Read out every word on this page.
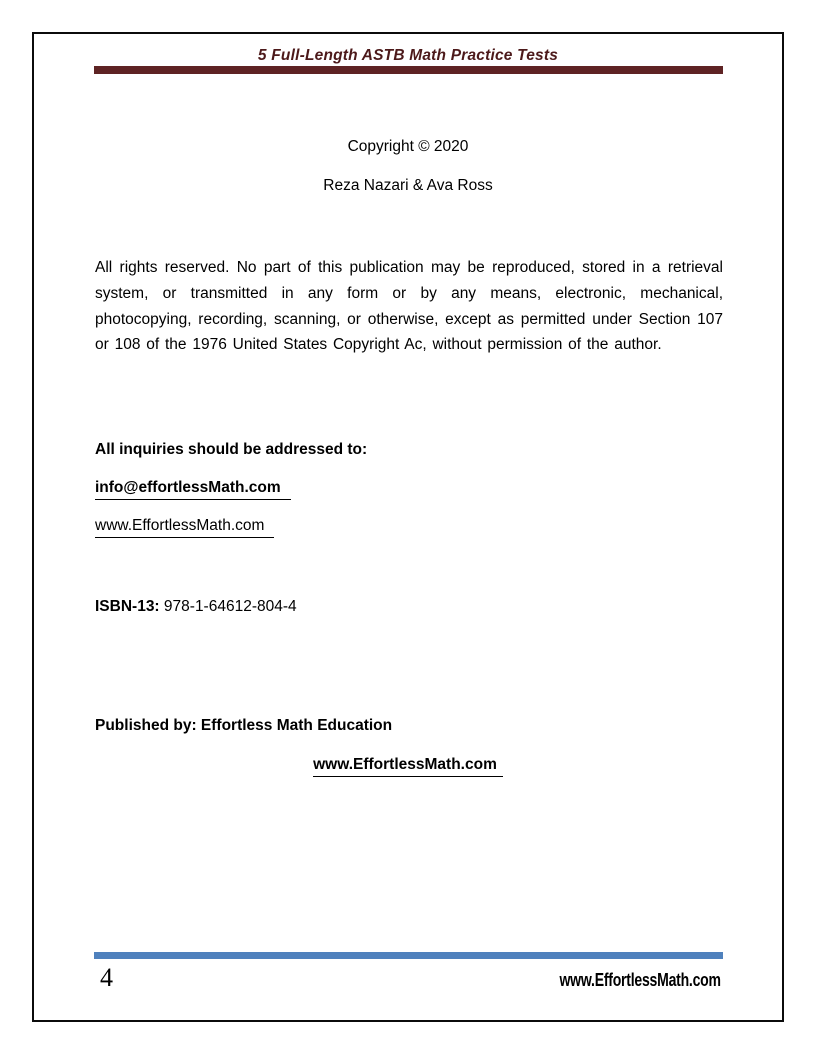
5 Full-Length ASTB Math Practice Tests
Copyright © 2020
Reza Nazari & Ava Ross
All rights reserved. No part of this publication may be reproduced, stored in a retrieval system, or transmitted in any form or by any means, electronic, mechanical, photocopying, recording, scanning, or otherwise, except as permitted under Section 107 or 108 of the 1976 United States Copyright Ac, without permission of the author.
All inquiries should be addressed to:
info@effortlessMath.com
www.EffortlessMath.com
ISBN-13: 978-1-64612-804-4
Published by: Effortless Math Education
www.EffortlessMath.com
4	www.EffortlessMath.com
